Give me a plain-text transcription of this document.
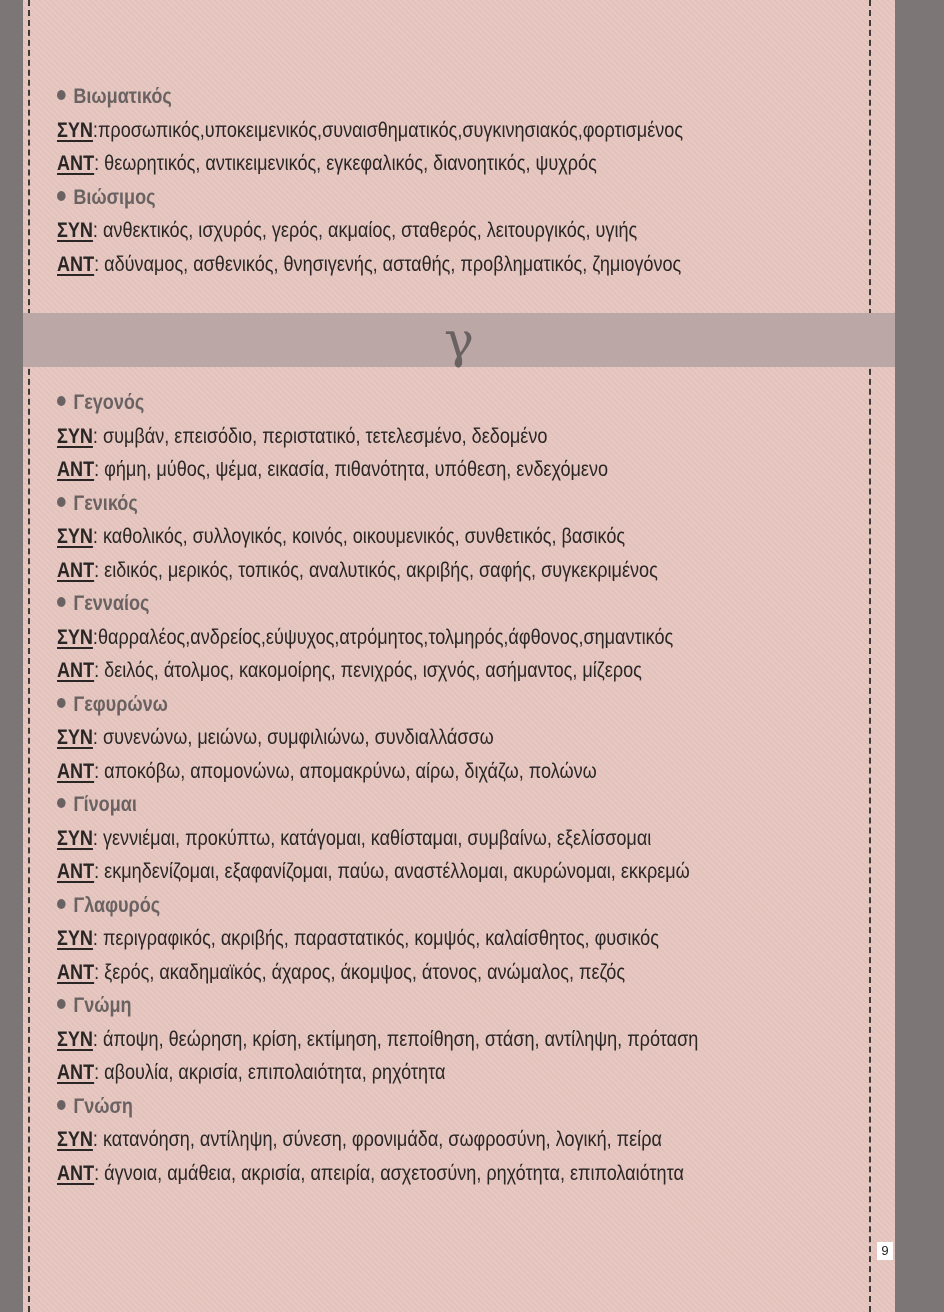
Βιωματικός
ΣΥΝ:προσωπικός,υποκειμενικός,συναισθηματικός,συγκινησιακός,φορτισμένος
ΑΝΤ: θεωρητικός, αντικειμενικός, εγκεφαλικός, διανοητικός, ψυχρός
Βιώσιμος
ΣΥΝ: ανθεκτικός, ισχυρός, γερός, ακμαίος, σταθερός, λειτουργικός, υγιής
ΑΝΤ: αδύναμος, ασθενικός, θνησιγενής, ασταθής, προβληματικός, ζημιογόνος
γ
Γεγονός
ΣΥΝ: συμβάν, επεισόδιο, περιστατικό, τετελεσμένο, δεδομένο
ΑΝΤ: φήμη, μύθος, ψέμα, εικασία, πιθανότητα, υπόθεση, ενδεχόμενο
Γενικός
ΣΥΝ: καθολικός, συλλογικός, κοινός, οικουμενικός, συνθετικός, βασικός
ΑΝΤ: ειδικός, μερικός, τοπικός, αναλυτικός, ακριβής, σαφής, συγκεκριμένος
Γενναίος
ΣΥΝ:θαρραλέος,ανδρείος,εύψυχος,ατρόμητος,τολμηρός,άφθονος,σημαντικός
ΑΝΤ: δειλός, άτολμος, κακομοίρης, πενιχρός, ισχνός, ασήμαντος, μίζερος
Γεφυρώνω
ΣΥΝ: συνενώνω, μειώνω, συμφιλιώνω, συνδιαλλάσσω
ΑΝΤ: αποκόβω, απομονώνω, απομακρύνω, αίρω, διχάζω, πολώνω
Γίνομαι
ΣΥΝ: γεννιέμαι, προκύπτω, κατάγομαι, καθίσταμαι, συμβαίνω, εξελίσσομαι
ΑΝΤ: εκμηδενίζομαι, εξαφανίζομαι, παύω, αναστέλλομαι, ακυρώνομαι, εκκρεμώ
Γλαφυρός
ΣΥΝ: περιγραφικός, ακριβής, παραστατικός, κομψός, καλαίσθητος, φυσικός
ΑΝΤ: ξερός, ακαδημαϊκός, άχαρος, άκομψος, άτονος, ανώμαλος, πεζός
Γνώμη
ΣΥΝ: άποψη, θεώρηση, κρίση, εκτίμηση, πεποίθηση, στάση, αντίληψη, πρόταση
ΑΝΤ: αβουλία, ακρισία, επιπολαιότητα, ρηχότητα
Γνώση
ΣΥΝ: κατανόηση, αντίληψη, σύνεση, φρονιμάδα, σωφροσύνη, λογική, πείρα
ΑΝΤ: άγνοια, αμάθεια, ακρισία, απειρία, ασχετοσύνη, ρηχότητα, επιπολαιότητα
9
